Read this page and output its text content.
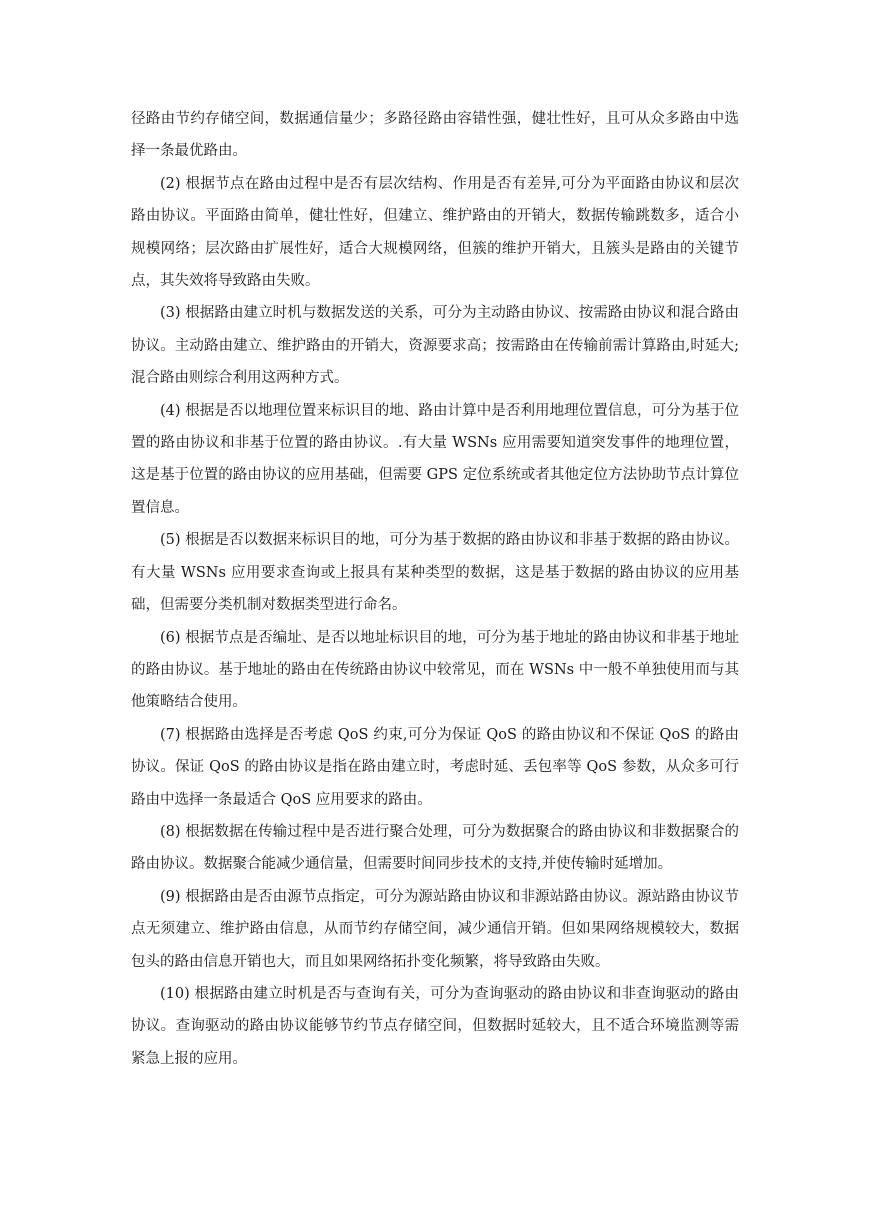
径路由节约存储空间，数据通信量少；多路径路由容错性强，健壮性好，且可从众多路由中选择一条最优路由。

(2) 根据节点在路由过程中是否有层次结构、作用是否有差异,可分为平面路由协议和层次路由协议。平面路由简单，健壮性好，但建立、维护路由的开销大，数据传输跳数多，适合小规模网络；层次路由扩展性好，适合大规模网络，但簇的维护开销大，且簇头是路由的关键节点，其失效将导致路由失败。

(3) 根据路由建立时机与数据发送的关系，可分为主动路由协议、按需路由协议和混合路由协议。主动路由建立、维护路由的开销大，资源要求高；按需路由在传输前需计算路由,时延大;混合路由则综合利用这两种方式。

(4) 根据是否以地理位置来标识目的地、路由计算中是否利用地理位置信息，可分为基于位置的路由协议和非基于位置的路由协议。.有大量 WSNs 应用需要知道突发事件的地理位置，这是基于位置的路由协议的应用基础，但需要 GPS 定位系统或者其他定位方法协助节点计算位置信息。

(5) 根据是否以数据来标识目的地，可分为基于数据的路由协议和非基于数据的路由协议。有大量 WSNs 应用要求查询或上报具有某种类型的数据，这是基于数据的路由协议的应用基础，但需要分类机制对数据类型进行命名。

(6) 根据节点是否编址、是否以地址标识目的地，可分为基于地址的路由协议和非基于地址的路由协议。基于地址的路由在传统路由协议中较常见，而在 WSNs 中一般不单独使用而与其他策略结合使用。

(7) 根据路由选择是否考虑 QoS 约束,可分为保证 QoS 的路由协议和不保证 QoS 的路由协议。保证 QoS 的路由协议是指在路由建立时，考虑时延、丢包率等 QoS 参数，从众多可行路由中选择一条最适合 QoS 应用要求的路由。

(8) 根据数据在传输过程中是否进行聚合处理，可分为数据聚合的路由协议和非数据聚合的路由协议。数据聚合能减少通信量，但需要时间同步技术的支持,并使传输时延增加。

(9) 根据路由是否由源节点指定，可分为源站路由协议和非源站路由协议。源站路由协议节点无须建立、维护路由信息，从而节约存储空间，减少通信开销。但如果网络规模较大，数据包头的路由信息开销也大，而且如果网络拓扑变化频繁，将导致路由失败。

(10) 根据路由建立时机是否与查询有关，可分为查询驱动的路由协议和非查询驱动的路由协议。查询驱动的路由协议能够节约节点存储空间，但数据时延较大，且不适合环境监测等需紧急上报的应用。
